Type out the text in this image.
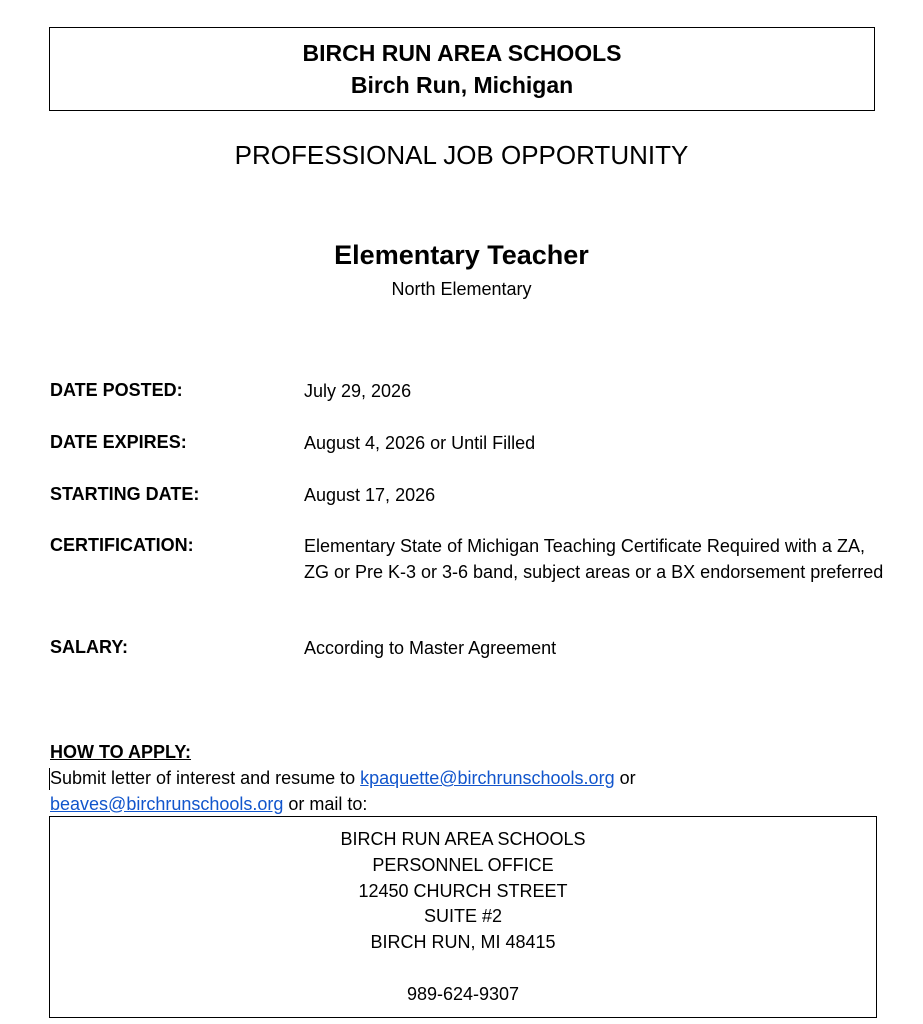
BIRCH RUN AREA SCHOOLS
Birch Run, Michigan
PROFESSIONAL JOB OPPORTUNITY
Elementary Teacher
North Elementary
DATE POSTED:	July 29, 2026
DATE EXPIRES:	August 4, 2026 or Until Filled
STARTING DATE:	August 17, 2026
CERTIFICATION:	Elementary State of Michigan Teaching Certificate Required with a ZA, ZG or Pre K-3 or 3-6 band, subject areas or a BX endorsement preferred
SALARY:	According to Master Agreement
HOW TO APPLY:
Submit letter of interest and resume to kpaquette@birchrunschools.org or
beaves@birchrunschools.org or mail to:
BIRCH RUN AREA SCHOOLS
PERSONNEL OFFICE
12450 CHURCH STREET
SUITE #2
BIRCH RUN, MI 48415
989-624-9307
